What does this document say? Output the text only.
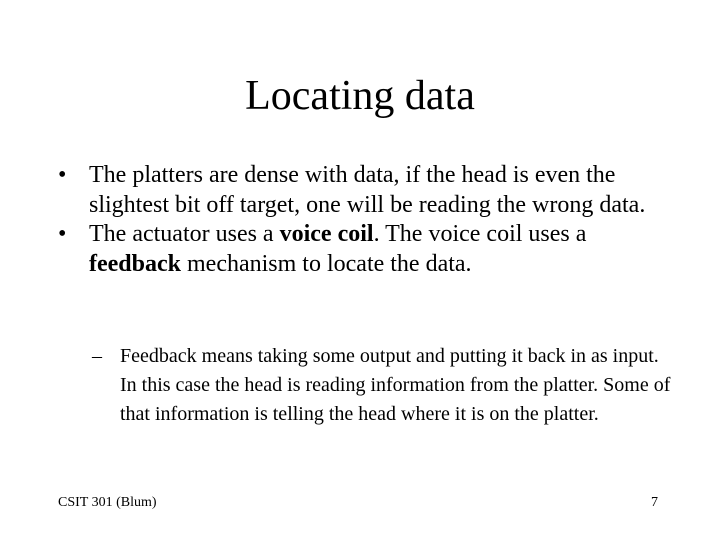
Locating data
• The platters are dense with data, if the head is even the slightest bit off target, one will be reading the wrong data.
• The actuator uses a voice coil. The voice coil uses a feedback mechanism to locate the data.
– Feedback means taking some output and putting it back in as input. In this case the head is reading information from the platter. Some of that information is telling the head where it is on the platter.
CSIT 301 (Blum)	7
